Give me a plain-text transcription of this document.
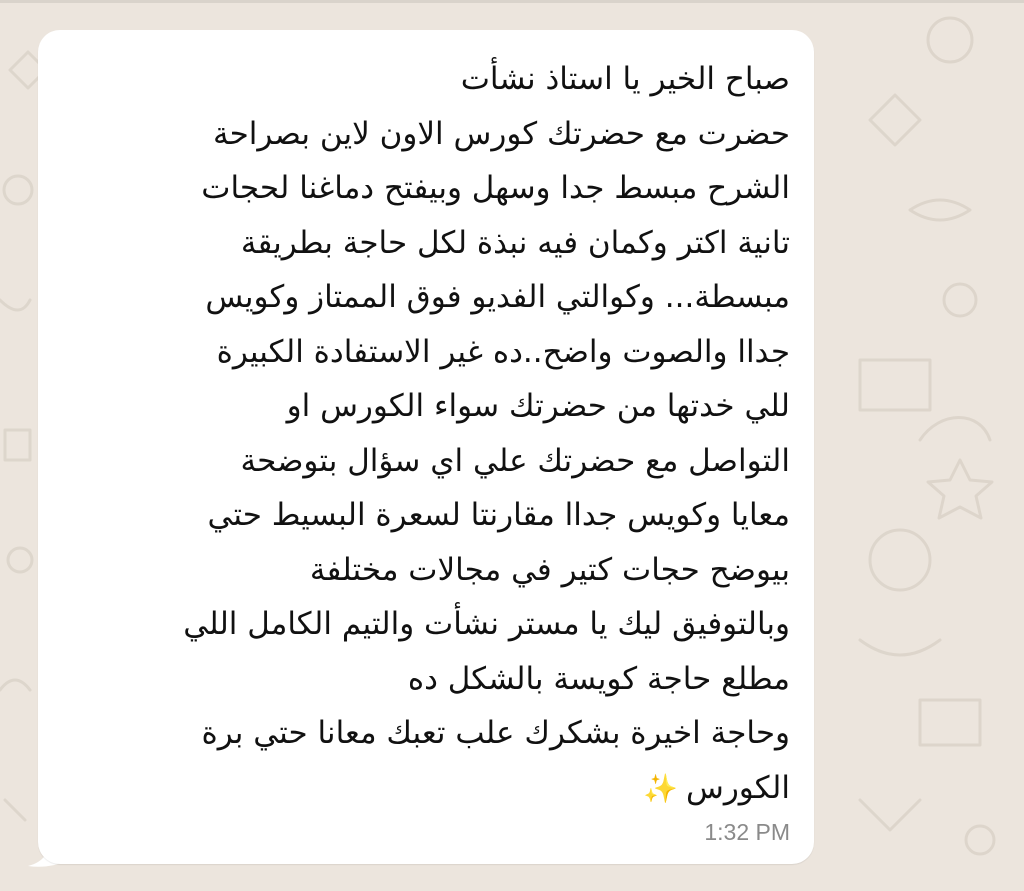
صباح الخير يا استاذ نشأت
حضرت مع حضرتك كورس الاون لاين بصراحة
الشرح مبسط جدا وسهل وبيفتح دماغنا لحجات
تانية اكتر وكمان فيه نبذة لكل حاجة بطريقة
مبسطة... وكوالتي الفديو فوق الممتاز وكويس
جداا والصوت واضح..ده غير الاستفادة الكبيرة
للي خدتها من حضرتك سواء الكورس او
التواصل مع حضرتك علي اي سؤال بتوضحة
معايا وكويس جداا مقارنتا لسعرة البسيط حتي
بيوضح حجات كتير في مجالات مختلفة
وبالتوفيق ليك يا مستر نشأت والتيم الكامل اللي
مطلع حاجة كويسة بالشكل ده
وحاجة اخيرة بشكرك علب تعبك معانا حتي برة
الكورس✨
1:32 PM
